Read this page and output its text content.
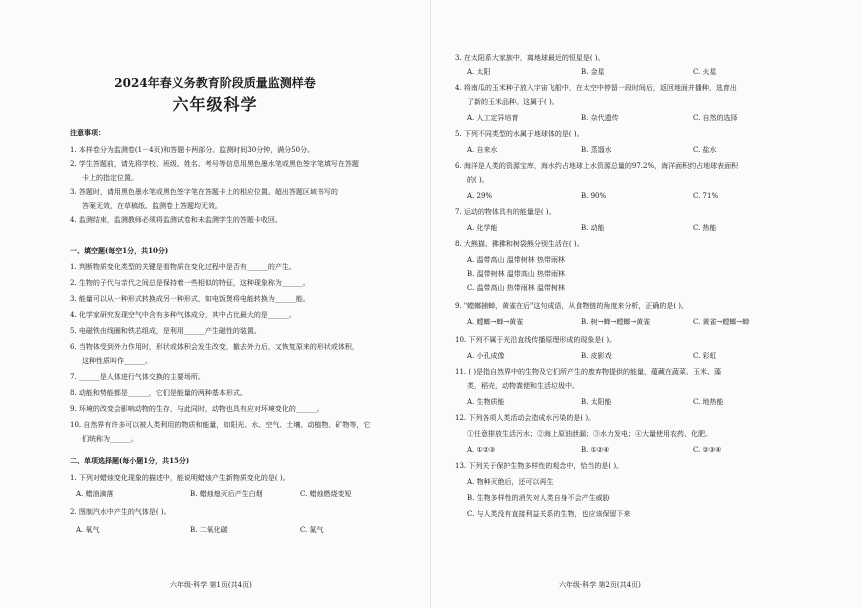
2024年春义务教育阶段质量监测样卷
六年级科学
注意事项：
1. 本样卷分为监测卷(1－4页)和答题卡两部分。监测时间30分钟，满分50分。
2. 学生答题前，请先将学校、班级、姓名、考号等信息用黑色墨水笔或黑色签字笔填写在答题
卡上的指定位置。
3. 答题时，请用黑色墨水笔或黑色签字笔在答题卡上的相应位置。超出答题区域书写的
答案无效，在草稿纸、监测卷上答题均无效。
4. 监测结束，监测教师必须将监测试卷和未监测学生的答题卡收回。
一、填空题(每空1分，共10分)
1. 判断物质变化类型的关键是看物质在变化过程中是否有______的产生。
2. 生物的子代与亲代之间总是保持着一些相似的特征，这种现象称为______。
3. 能量可以从一种形式转换成另一种形式，如电饭煲将电能转换为______能。
4. 化学家研究发现空气中含有多种气体成分，其中占比最大的是______。
5. 电磁铁由线圈和铁芯组成，是利用______产生磁性的装置。
6. 当物体受到外力作用时，形状或体积会发生改变，撤去外力后，又恢复原来的形状或体积，
这种性质叫作______。
7. ______是人体进行气体交换的主要场所。
8. 动能和势能都是______，它们是能量的两种基本形式。
9. 环境的改变会影响动物的生存，与此同时，动物也具有应对环境变化的______。
10. 自然界有许多可以被人类利用的物质和能量，如阳光、水、空气、土壤、动植物、矿物等，它
们统称为______。
二、单项选择题(每小题1分，共15分)
1. 下列对蜡烛变化现象的描述中，能说明蜡烛产生新物质变化的是( )。
A. 蜡油滴落	B. 蜡烛熄灭后产生白烟	C. 蜡烛燃烧变短
2. 图制汽水中产生的气体是( )。
A. 氧气	B. 二氧化碳	C. 氮气
六年级·科学 第1页(共4页)
3. 在太阳系大家族中，离地球最近的恒星是( )。
A. 太阳	B. 金星	C. 火星
4. 将南瓜的玉米种子放入宇宙飞船中，在太空中停留一段时间后，返回地面并播种，选育出
了新的玉米品种。这属于( )。
A. 人工定异培育	B. 杂代遗传	C. 自然的选择
5. 下列不同类型的水属于地球体的是( )。
A. 自来水	B. 蒸馏水	C. 盐水
6. 海洋是人类的资源宝库，海水约占地球上水资源总量的97.2%，海洋面积约占地球表面积
的( )。
A. 29%	B. 90%	C. 71%
7. 运动的物体具有的能量是( )。
A. 化学能	B. 动能	C. 热能
8. 大熊猫、狒狒和树袋熊分别生活在( )。
A. 温带高山 温带树林 热带雨林
B. 温带树林 温带高山 热带雨林
C. 温带高山 热带雨林 温带树林
9. "螳螂捕蝉，黄雀在后"这句成语，从食物链的角度来分析，正确的是( )。
A. 螳螂→蝉→黄雀	B. 树→蝉→螳螂→黄雀	C. 黄雀→螳螂→蝉
10. 下列不属于光沿直线传播原理形成的现象是( )。
A. 小孔成像	B. 皮影戏	C. 彩虹
11. ( )是指自然界中的生物及它们所产生的废弃物提供的能量，蕴藏在蔬菜、玉米、藻
类，稻壳，动物粪便和生活垃圾中。
A. 生物质能	B. 太阳能	C. 地热能
12. 下列各项人类活动会造成水污染的是( )。
①任意排放生活污水；②海上原油泄漏；③水力发电；④大量使用农药、化肥。
A. ①②③	B. ①②④	C. ②③④
13. 下列关于保护生物多样性的观念中，恰当的是( )。
A. 物种灭绝后，还可以再生
B. 生物多样性的消失对人类自身不会产生威胁
C. 与人类没有直接利益关系的生物，也应该保留下来
六年级·科学 第2页(共4页)
